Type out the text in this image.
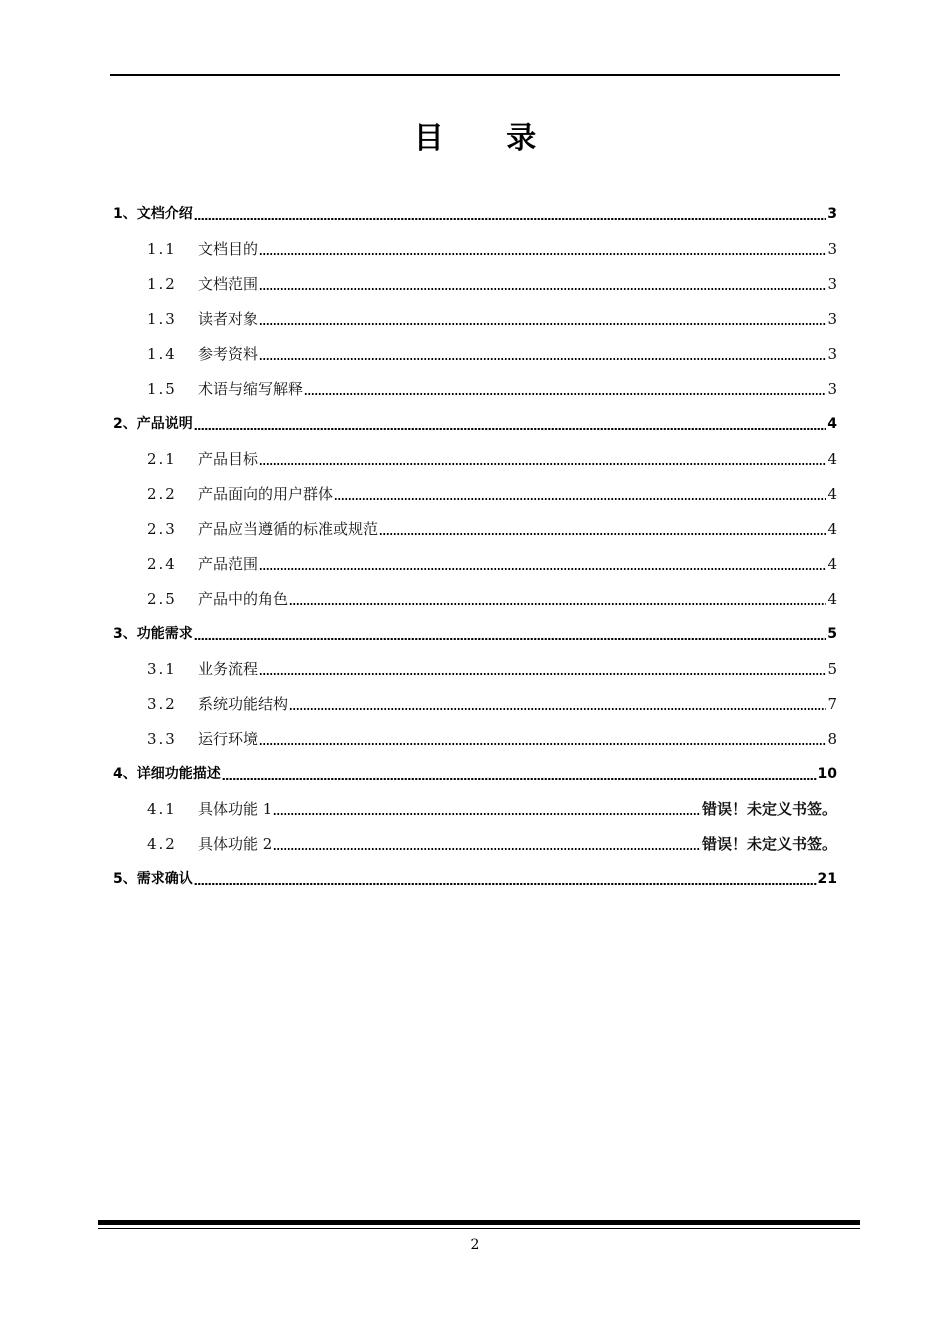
目 录
1、 文档介绍	3
1.1	文档目的	3
1.2	文档范围	3
1.3	读者对象	3
1.4	参考资料	3
1.5	术语与缩写解释	3
2、 产品说明	4
2.1	产品目标	4
2.2	产品面向的用户群体	4
2.3	产品应当遵循的标准或规范	4
2.4	产品范围	4
2.5	产品中的角色	4
3、 功能需求	5
3.1	业务流程	5
3.2	系统功能结构	7
3.3	运行环境	8
4、 详细功能描述	10
4.1	具体功能 1	错误！未定义书签。
4.2	具体功能 2	错误！未定义书签。
5、 需求确认	21
2
